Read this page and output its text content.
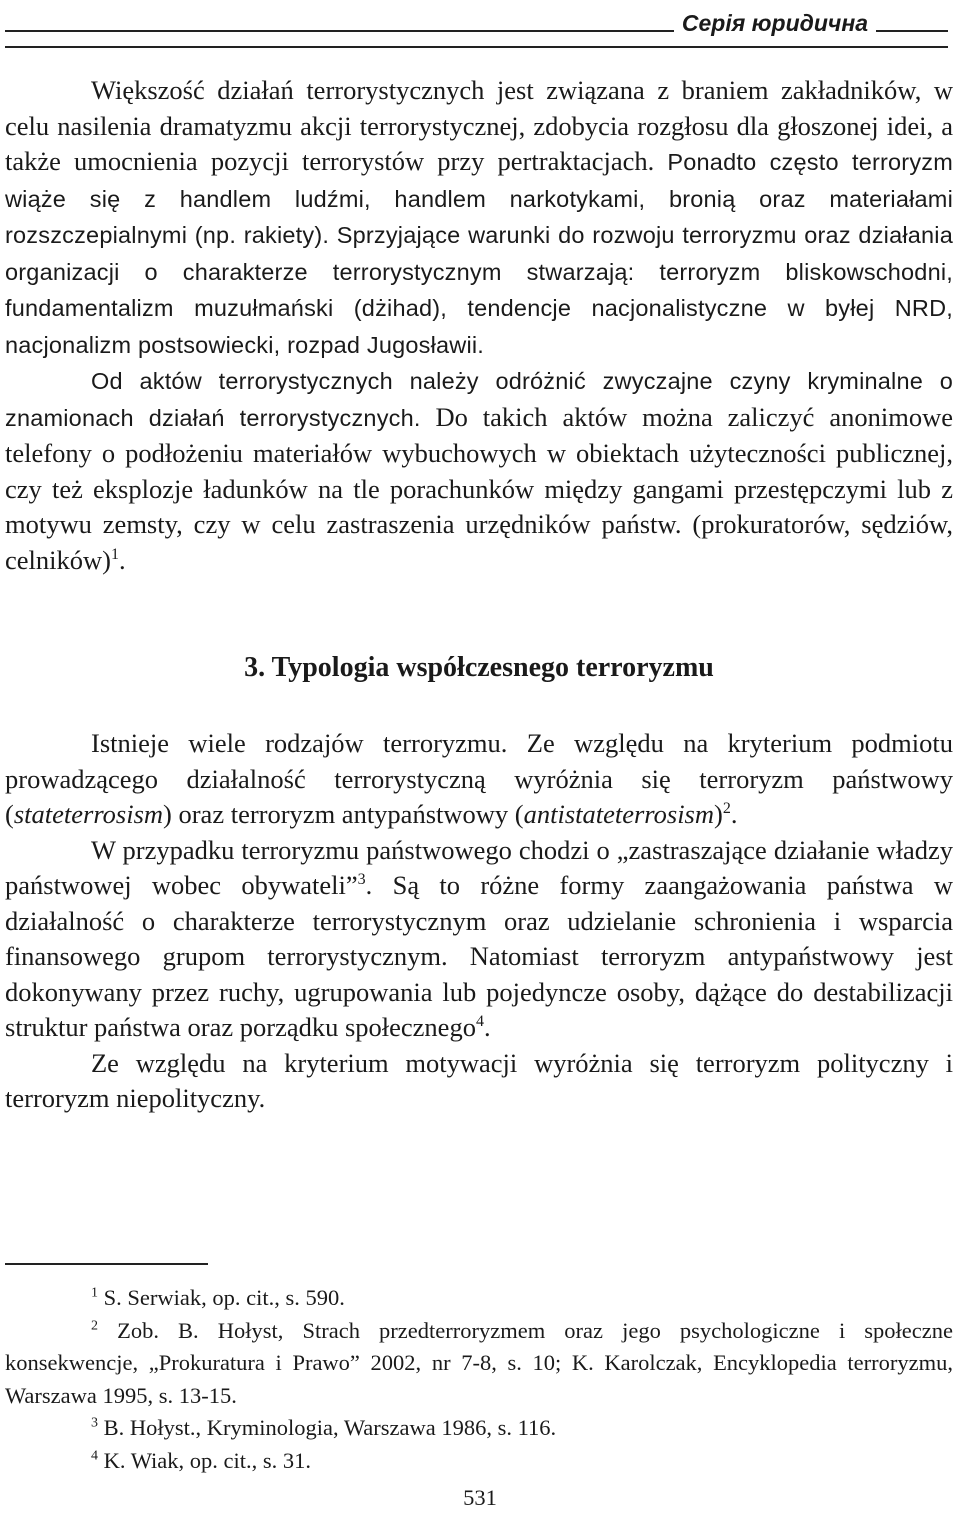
Серія юридична

Większość działań terrorystycznych jest związana z braniem zakładników, w celu nasilenia dramatyzmu akcji terrorystycznej, zdobycia rozgłosu dla głoszonej idei, a także umocnienia pozycji terrorystów przy pertraktacjach. Ponadto często terroryzm wiąże się z handlem ludźmi, handlem narkotykami, bronią oraz materiałami rozszczepialnymi (np. rakiety). Sprzyjające warunki do rozwoju terroryzmu oraz działania organizacji o charakterze terrorystycznym stwarzają: terroryzm bliskowschodni, fundamentalizm muzułmański (dżihad), tendencje nacjonalistyczne w byłej NRD, nacjonalizm postsowiecki, rozpad Jugosławii.

Od aktów terrorystycznych należy odróżnić zwyczajne czyny kryminalne o znamionach działań terrorystycznych. Do takich aktów można zaliczyć anonimowe telefony o podłożeniu materiałów wybuchowych w obiektach użyteczności publicznej, czy też eksplozje ładunków na tle porachunków między gangami przestępczymi lub z motywu zemsty, czy w celu zastraszenia urzędników państw. (prokuratorów, sędziów, celników)$^1$.

3. Typologia współczesnego terroryzmu

Istnieje wiele rodzajów terroryzmu. Ze względu na kryterium podmiotu prowadzącego działalność terrorystyczną wyróżnia się terroryzm państwowy (stateterrosism) oraz terroryzm antypaństwowy (antistateterrosism)$^2$.

W przypadku terroryzmu państwowego chodzi o „zastraszające działanie władzy państwowej wobec obywateli”$^3$. Są to różne formy zaangażowania państwa w działalność o charakterze terrorystycznym oraz udzielanie schronienia i wsparcia finansowego grupom terrorystycznym. Natomiast terroryzm antypaństwowy jest dokonywany przez ruchy, ugrupowania lub pojedyncze osoby, dążące do destabilizacji struktur państwa oraz porządku społecznego$^4$.

Ze względu na kryterium motywacji wyróżnia się terroryzm polityczny i terroryzm niepolityczny.

$^1$ S. Serwiak, op. cit., s. 590.

$^2$ Zob. B. Hołyst, Strach przedterroryzmem oraz jego psychologiczne i społeczne konsekwencje, „Prokuratura i Prawo” 2002, nr 7-8, s. 10; K. Karolczak, Encyklopedia terroryzmu, Warszawa 1995, s. 13-15.

$^3$ B. Hołyst., Kryminologia, Warszawa 1986, s. 116.

$^4$ K. Wiak, op. cit., s. 31.

531
